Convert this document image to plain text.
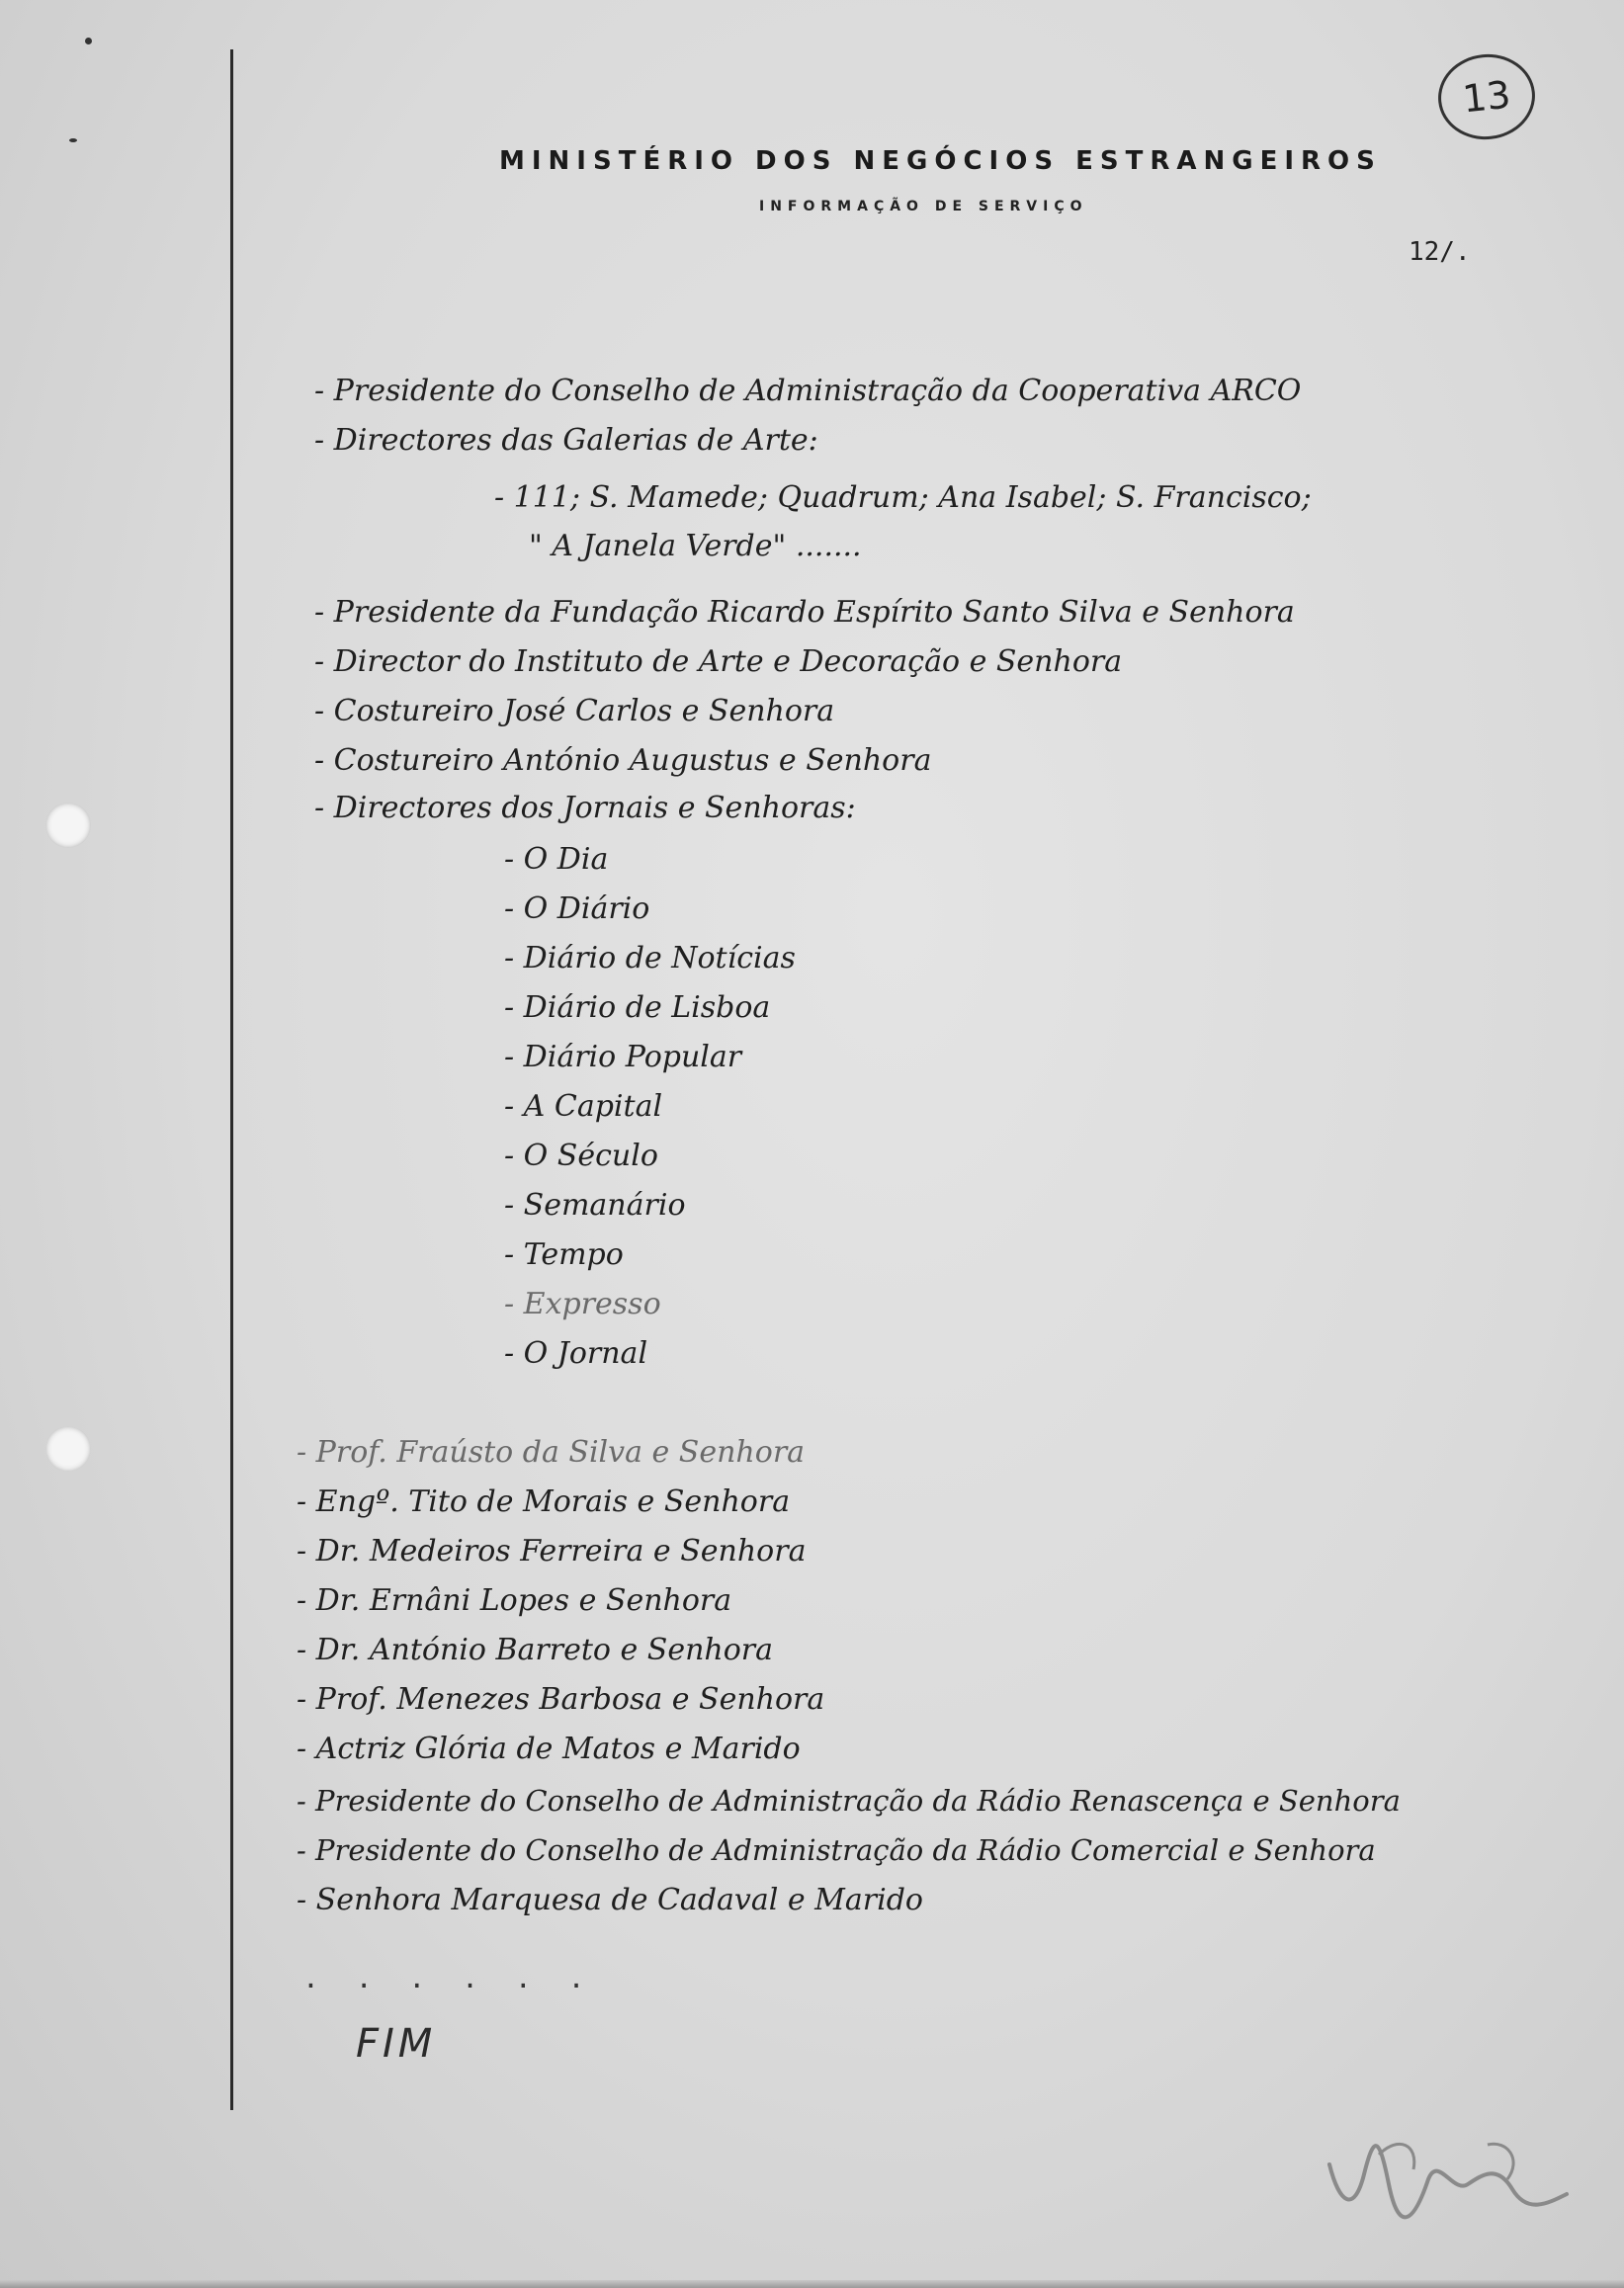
MINISTÉRIO DOS NEGÓCIOS ESTRANGEIROS
INFORMAÇÃO DE SERVIÇO
13
12/.
- Presidente do Conselho de Administração da Cooperativa ARCO
- Directores das Galerias de Arte:
- 111; S. Mamede; Quadrum; Ana Isabel; S. Francisco;
" A Janela Verde" .......
- Presidente da Fundação Ricardo Espírito Santo Silva e Senhora
- Director do Instituto de Arte e Decoração e Senhora
- Costureiro José Carlos e Senhora
- Costureiro António Augustus e Senhora
- Directores dos Jornais e Senhoras:
- O Dia
- O Diário
- Diário de Notícias
- Diário de Lisboa
- Diário Popular
- A Capital
- O Século
- Semanário
- Tempo
- Expresso
- O Jornal
- Prof. Fraústo da Silva e Senhora
- Engº. Tito de Morais e Senhora
- Dr. Medeiros Ferreira e Senhora
- Dr. Ernâni Lopes e Senhora
- Dr. António Barreto e Senhora
- Prof. Menezes Barbosa e Senhora
- Actriz Glória de Matos e Marido
- Presidente do Conselho de Administração da Rádio Renascença e Senhora
- Presidente do Conselho de Administração da Rádio Comercial e Senhora
- Senhora Marquesa de Cadaval e Marido
. . . . . .
FIM
